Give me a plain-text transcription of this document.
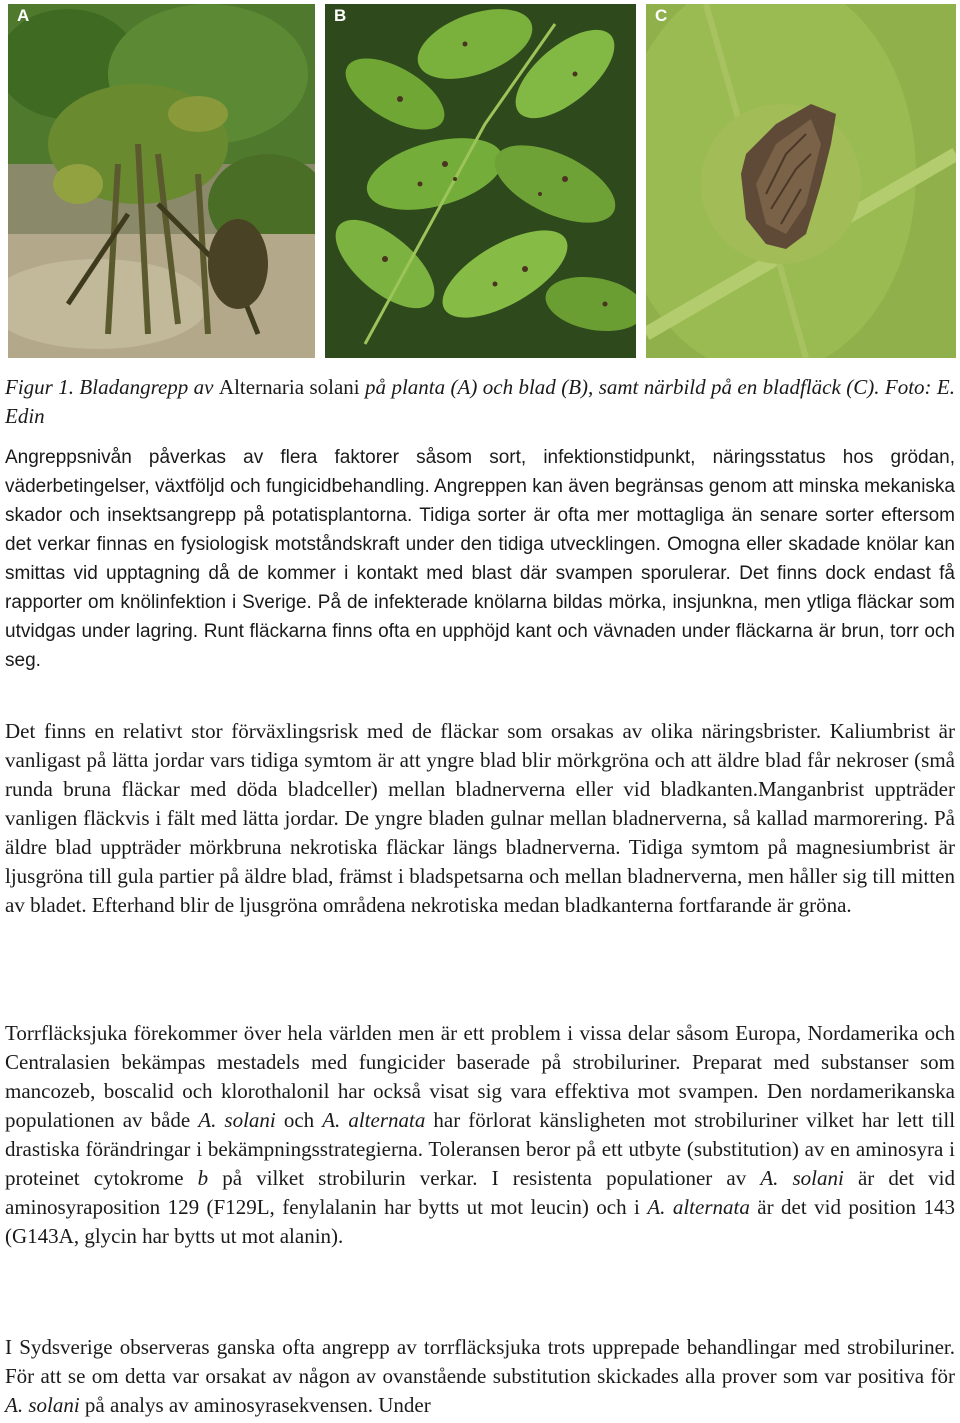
A	B	C
Figur 1. Bladangrepp av Alternaria solani på planta (A) och blad (B), samt närbild på en bladfläck (C). Foto: E. Edin
Angreppsnivån påverkas av flera faktorer såsom sort, infektionstidpunkt, näringsstatus hos grödan, väderbetingelser, växtföljd och fungicidbehandling. Angreppen kan även begränsas genom att minska mekaniska skador och insektsangrepp på potatisplantorna. Tidiga sorter är ofta mer mottagliga än senare sorter eftersom det verkar finnas en fysiologisk motståndskraft under den tidiga utvecklingen. Omogna eller skadade knölar kan smittas vid upptagning då de kommer i kontakt med blast där svampen sporulerar. Det finns dock endast få rapporter om knölinfektion i Sverige. På de infekterade knölarna bildas mörka, insjunkna, men ytliga fläckar som utvidgas under lagring. Runt fläckarna finns ofta en upphöjd kant och vävnaden under fläckarna är brun, torr och seg.
Det finns en relativt stor förväxlingsrisk med de fläckar som orsakas av olika näringsbrister. Kaliumbrist är vanligast på lätta jordar vars tidiga symtom är att yngre blad blir mörkgröna och att äldre blad får nekroser (små runda bruna fläckar med döda bladceller) mellan bladnerverna eller vid bladkanten.Manganbrist uppträder vanligen fläckvis i fält med lätta jordar. De yngre bladen gulnar mellan bladnerverna, så kallad marmorering. På äldre blad uppträder mörkbruna nekrotiska fläckar längs bladnerverna. Tidiga symtom på magnesiumbrist är ljusgröna till gula partier på äldre blad, främst i bladspetsarna och mellan bladnerverna, men håller sig till mitten av bladet. Efterhand blir de ljusgröna områdena nekrotiska medan bladkanterna fortfarande är gröna.
Torrfläcksjuka förekommer över hela världen men är ett problem i vissa delar såsom Europa, Nordamerika och Centralasien bekämpas mestadels med fungicider baserade på strobiluriner. Preparat med substanser som mancozeb, boscalid och klorothalonil har också visat sig vara effektiva mot svampen. Den nordamerikanska populationen av både A. solani och A. alternata har förlorat känsligheten mot strobiluriner vilket har lett till drastiska förändringar i bekämpningsstrategierna. Toleransen beror på ett utbyte (substitution) av en aminosyra i proteinet cytokrome b på vilket strobilurin verkar. I resistenta populationer av A. solani är det vid aminosyraposition 129 (F129L, fenylalanin har bytts ut mot leucin) och i A. alternata är det vid position 143 (G143A, glycin har bytts ut mot alanin).
I Sydsverige observeras ganska ofta angrepp av torrfläcksjuka trots upprepade behandlingar med strobiluriner. För att se om detta var orsakat av någon av ovanstående substitution skickades alla prover som var positiva för A. solani på analys av aminosyrasekvensen. Under
